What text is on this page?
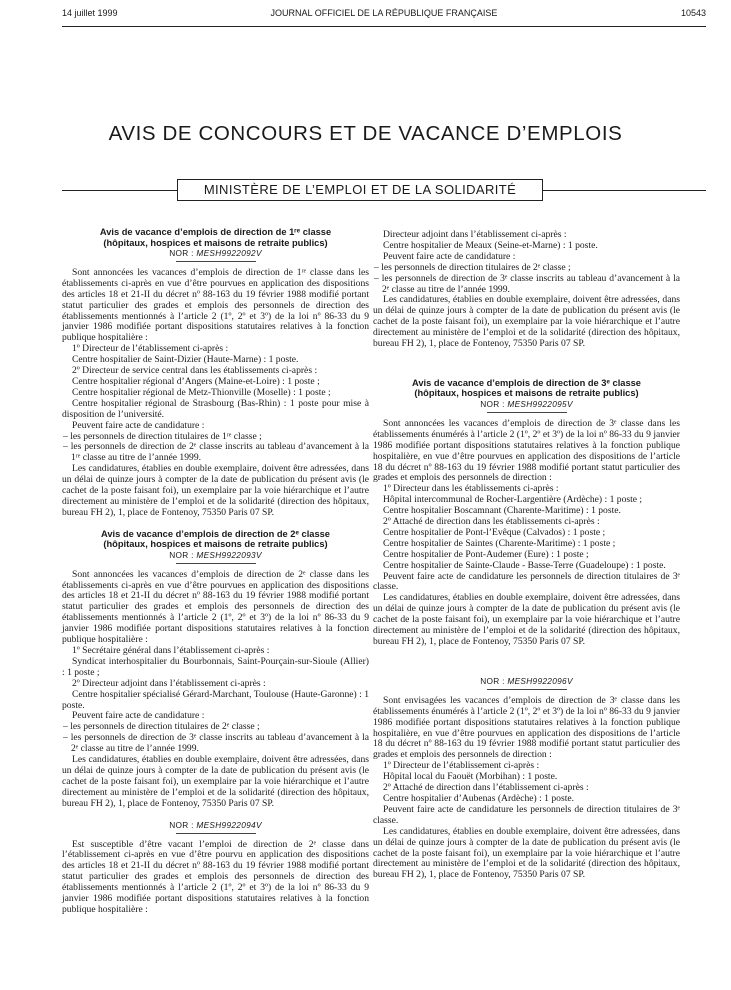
14 juillet 1999	JOURNAL OFFICIEL DE LA RÉPUBLIQUE FRANÇAISE	10543
AVIS DE CONCOURS ET DE VACANCE D’EMPLOIS
MINISTÈRE DE L’EMPLOI ET DE LA SOLIDARITÉ

Avis de vacance d’emplois de direction de 1ʳᵉ classe

(hôpitaux, hospices et maisons de retraite publics)

NOR : MESH9922092V

Sont annoncées les vacances d’emplois de direction de 1ʳᵉ classe dans les établissements ci-après en vue d’être pourvues en application des dispositions des articles 18 et 21-II du décret nº 88-163 du 19 février 1988 modifié portant statut particulier des grades et emplois des personnels de direction des établissements mentionnés à l’article 2 (1º, 2º et 3º) de la loi nº 86-33 du 9 janvier 1986 modifiée portant dispositions statutaires relatives à la fonction publique hospitalière :

1º Directeur de l’établissement ci-après :

Centre hospitalier de Saint-Dizier (Haute-Marne) : 1 poste.

2º Directeur de service central dans les établissements ci-après :

Centre hospitalier régional d’Angers (Maine-et-Loire) : 1 poste ;

Centre hospitalier régional de Metz-Thionville (Moselle) : 1 poste ;

Centre hospitalier régional de Strasbourg (Bas-Rhin) : 1 poste pour mise à disposition de l’université.

Peuvent faire acte de candidature :

– les personnels de direction titulaires de 1ʳᵉ classe ;

– les personnels de direction de 2ᵉ classe inscrits au tableau d’avancement à la 1ʳᵉ classe au titre de l’année 1999.

Les candidatures, établies en double exemplaire, doivent être adressées, dans un délai de quinze jours à compter de la date de publication du présent avis (le cachet de la poste faisant foi), un exemplaire par la voie hiérarchique et l’autre directement au ministère de l’emploi et de la solidarité (direction des hôpitaux, bureau FH 2), 1, place de Fontenoy, 75350 Paris 07 SP.

Avis de vacance d’emplois de direction de 2ᵉ classe

(hôpitaux, hospices et maisons de retraite publics)

NOR : MESH9922093V

Sont annoncées les vacances d’emplois de direction de 2ᵉ classe dans les établissements ci-après en vue d’être pourvues en application des dispositions des articles 18 et 21-II du décret nº 88-163 du 19 février 1988 modifié portant statut particulier des grades et emplois des personnels de direction des établissements mentionnés à l’article 2 (1º, 2º et 3º) de la loi nº 86-33 du 9 janvier 1986 modifiée portant dispositions statutaires relatives à la fonction publique hospitalière :

1º Secrétaire général dans l’établissement ci-après :

Syndicat interhospitalier du Bourbonnais, Saint-Pourçain-sur-Sioule (Allier) : 1 poste ;

2º Directeur adjoint dans l’établissement ci-après :

Centre hospitalier spécialisé Gérard-Marchant, Toulouse (Haute-Garonne) : 1 poste.

Peuvent faire acte de candidature :

– les personnels de direction titulaires de 2ᵉ classe ;

– les personnels de direction de 3ᵉ classe inscrits au tableau d’avancement à la 2ᵉ classe au titre de l’année 1999.

Les candidatures, établies en double exemplaire, doivent être adressées, dans un délai de quinze jours à compter de la date de publication du présent avis (le cachet de la poste faisant foi), un exemplaire par la voie hiérarchique et l’autre directement au ministère de l’emploi et de la solidarité (direction des hôpitaux, bureau FH 2), 1, place de Fontenoy, 75350 Paris 07 SP.

NOR : MESH9922094V

Est susceptible d’être vacant l’emploi de direction de 2ᵉ classe dans l’établissement ci-après en vue d’être pourvu en application des dispositions des articles 18 et 21-II du décret nº 88-163 du 19 février 1988 modifié portant statut particulier des grades et emplois des personnels de direction des établissements mentionnés à l’article 2 (1º, 2º et 3º) de la loi nº 86-33 du 9 janvier 1986 modifiée portant dispositions statutaires relatives à la fonction publique hospitalière :

Directeur adjoint dans l’établissement ci-après :

Centre hospitalier de Meaux (Seine-et-Marne) : 1 poste.

Peuvent faire acte de candidature :

– les personnels de direction titulaires de 2ᵉ classe ;

– les personnels de direction de 3ᵉ classe inscrits au tableau d’avancement à la 2ᵉ classe au titre de l’année 1999.

Les candidatures, établies en double exemplaire, doivent être adressées, dans un délai de quinze jours à compter de la date de publication du présent avis (le cachet de la poste faisant foi), un exemplaire par la voie hiérarchique et l’autre directement au ministère de l’emploi et de la solidarité (direction des hôpitaux, bureau FH 2), 1, place de Fontenoy, 75350 Paris 07 SP.

Avis de vacance d’emplois de direction de 3ᵉ classe

(hôpitaux, hospices et maisons de retraite publics)

NOR : MESH9922095V

Sont annoncées les vacances d’emplois de direction de 3ᵉ classe dans les établissements énumérés à l’article 2 (1º, 2º et 3º) de la loi nº 86-33 du 9 janvier 1986 modifiée portant dispositions statutaires relatives à la fonction publique hospitalière, en vue d’être pourvues en application des dispositions de l’article 18 du décret nº 88-163 du 19 février 1988 modifié portant statut particulier des grades et emplois des personnels de direction :

1º Directeur dans les établissements ci-après :

Hôpital intercommunal de Rocher-Largentière (Ardèche) : 1 poste ;

Centre hospitalier Boscamnant (Charente-Maritime) : 1 poste.

2º Attaché de direction dans les établissements ci-après :

Centre hospitalier de Pont-l’Evêque (Calvados) : 1 poste ;

Centre hospitalier de Saintes (Charente-Maritime) : 1 poste ;

Centre hospitalier de Pont-Audemer (Eure) : 1 poste ;

Centre hospitalier de Sainte-Claude - Basse-Terre (Guadeloupe) : 1 poste.

Peuvent faire acte de candidature les personnels de direction titulaires de 3ᵉ classe.

Les candidatures, établies en double exemplaire, doivent être adressées, dans un délai de quinze jours à compter de la date de publication du présent avis (le cachet de la poste faisant foi), un exemplaire par la voie hiérarchique et l’autre directement au ministère de l’emploi et de la solidarité (direction des hôpitaux, bureau FH 2), 1, place de Fontenoy, 75350 Paris 07 SP.

NOR : MESH9922096V

Sont envisagées les vacances d’emplois de direction de 3ᵉ classe dans les établissements énumérés à l’article 2 (1º, 2º et 3º) de la loi nº 86-33 du 9 janvier 1986 modifiée portant dispositions statutaires relatives à la fonction publique hospitalière, en vue d’être pourvues en application des dispositions de l’article 18 du décret nº 88-163 du 19 février 1988 modifié portant statut particulier des grades et emplois des personnels de direction :

1º Directeur de l’établissement ci-après :

Hôpital local du Faouët (Morbihan) : 1 poste.

2º Attaché de direction dans l’établissement ci-après :

Centre hospitalier d’Aubenas (Ardèche) : 1 poste.

Peuvent faire acte de candidature les personnels de direction titulaires de 3ᵉ classe.

Les candidatures, établies en double exemplaire, doivent être adressées, dans un délai de quinze jours à compter de la date de publication du présent avis (le cachet de la poste faisant foi), un exemplaire par la voie hiérarchique et l’autre directement au ministère de l’emploi et de la solidarité (direction des hôpitaux, bureau FH 2), 1, place de Fontenoy, 75350 Paris 07 SP.
